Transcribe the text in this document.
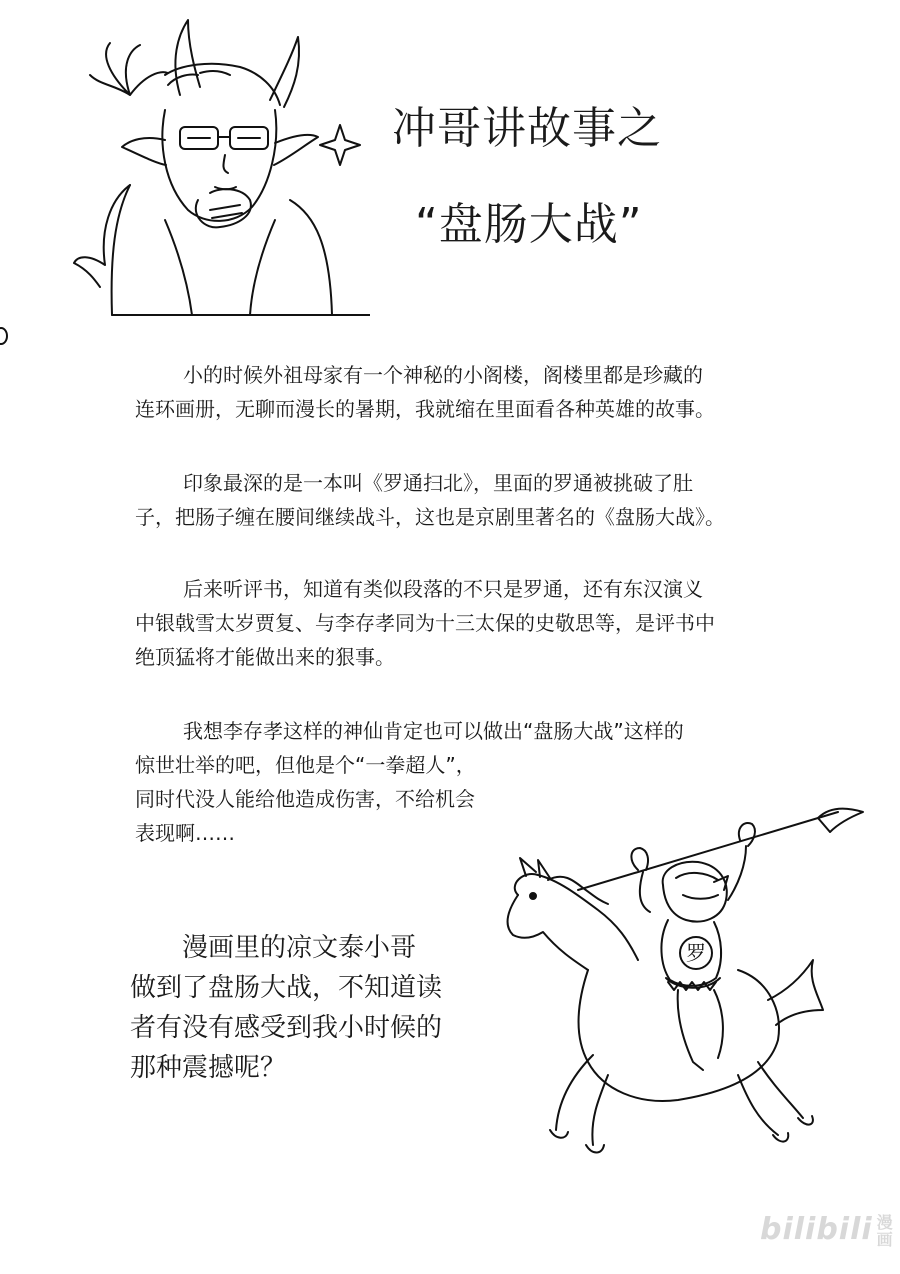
冲哥讲故事之
“盘肠大战”

小的时候外祖母家有一个神秘的小阁楼，阁楼里都是珍藏的
连环画册，无聊而漫长的暑期，我就缩在里面看各种英雄的故事。

印象最深的是一本叫《罗通扫北》，里面的罗通被挑破了肚
子，把肠子缠在腰间继续战斗，这也是京剧里著名的《盘肠大战》。

后来听评书，知道有类似段落的不只是罗通，还有东汉演义
中银戟雪太岁贾复、与李存孝同为十三太保的史敬思等，是评书中
绝顶猛将才能做出来的狠事。

我想李存孝这样的神仙肯定也可以做出“盘肠大战”这样的
惊世壮举的吧，但他是个“一拳超人”，
同时代没人能给他造成伤害，不给机会
表现啊……

漫画里的凉文泰小哥
做到了盘肠大战，不知道读
者有没有感受到我小时候的
那种震撼呢？
罗
bilibili 漫
画
